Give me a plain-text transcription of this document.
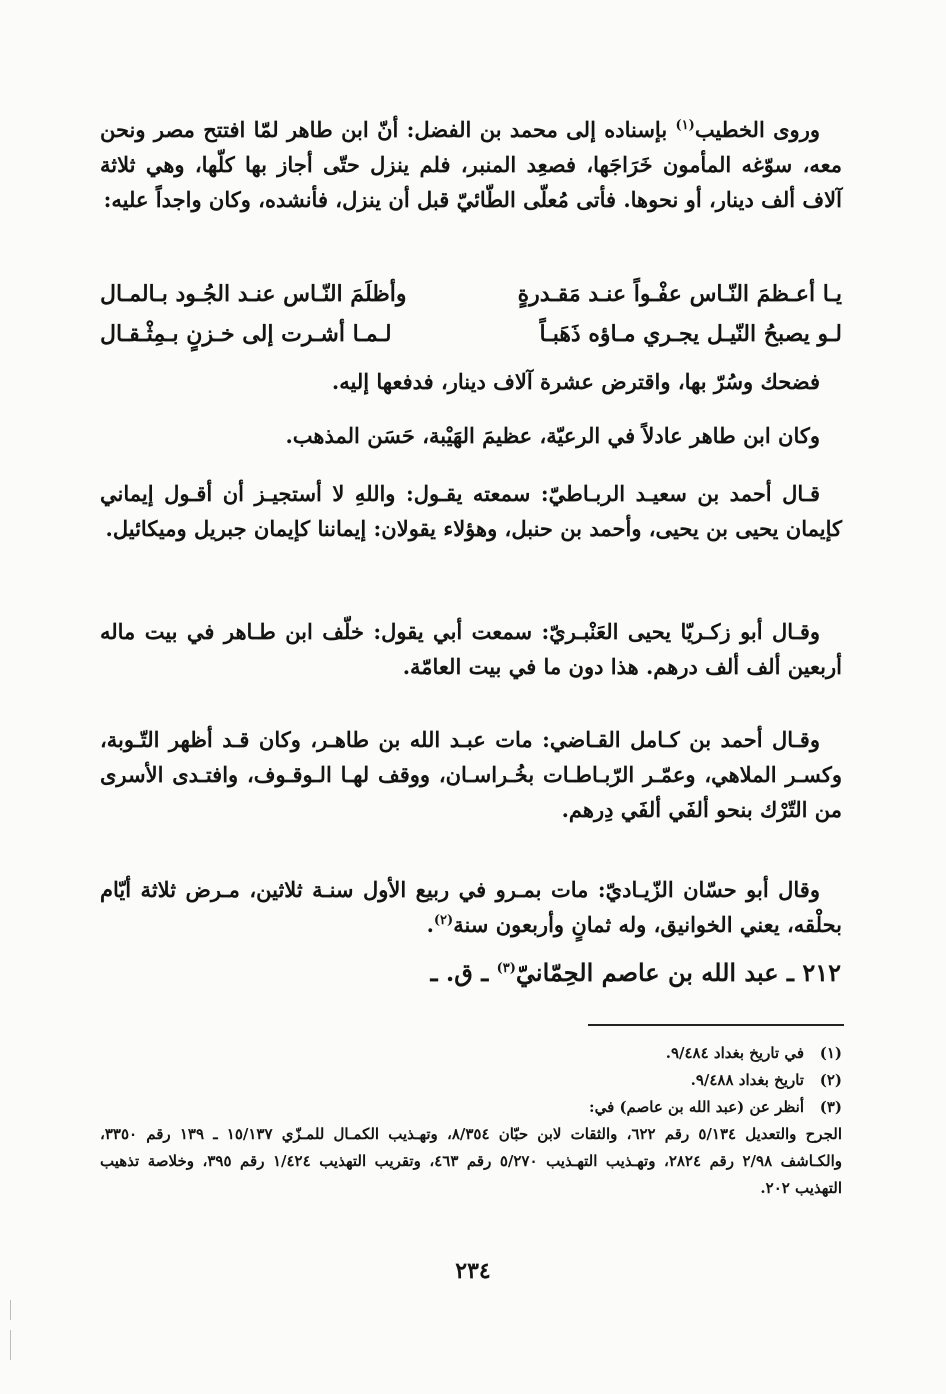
وروى الخطيب$^{(١)}$ بإسناده إلى محمد بن الفضل: أنّ ابن طاهر لمّا افتتح مصر ونحن معه، سوّغه المأمون خَرَاجَها، فصعِد المنبر، فلم ينزل حتّى أجاز بها كلّها، وهي ثلاثة آلاف ألف دينار، أو نحوها. فأتى مُعلّى الطّائيّ قبل أن ينزل، فأنشده، وكان واجداً عليه:

يـا أعـظمَ النّـاس عفْـواً عنـد مَقـدرةٍ
وأظلَمَ النّـاس عنـد الجُـود بـالمـال
لـو يصبحُ النّيـل يجـري مـاؤه ذَهَبـاً
لـمـا أشـرت إلى خـزنٍ بـمِثْـقـال

فضحك وسُرّ بها، واقترض عشرة آلاف دينار، فدفعها إليه.

وكان ابن طاهر عادلاً في الرعيّة، عظيمَ الهَيْبة، حَسَن المذهب.

قـال أحمد بن سعيـد الربـاطيّ: سمعته يقـول: واللهِ لا أستجيـز أن أقـول إيماني كإيمان يحيى بن يحيى، وأحمد بن حنبل، وهؤلاء يقولان: إيماننا كإيمان جبريل وميكائيل.

وقـال أبو زكـريّا يحيى العَنْبـريّ: سمعت أبي يقول: خلّف ابن طـاهر في بيت ماله أربعين ألف ألف درهم. هذا دون ما في بيت العامّة.

وقـال أحمد بن كـامل القـاضي: مات عبـد الله بن طاهـر، وكان قـد أظهر التّـوبة، وكسـر الملاهي، وعمّـر الرّبـاطـات بخُـراسـان، ووقف لهـا الـوقـوف، وافتـدى الأسرى من التّرْك بنحو ألفَي ألفَي دِرهم.

وقال أبو حسّان الزّيـاديّ: مات بمـرو في ربيع الأول سنـة ثلاثين، مـرض ثلاثة أيّام بحلْقه، يعني الخوانيق، وله ثمانٍ وأربعون سنة$^{(٢)}$.

٢١٢ ـ عبد الله بن عاصم الحِمّانيّ$^{(٣)}$ ـ ق. ـ
(١)
في تاريخ بغداد ٩/٤٨٤.
(٢)
تاريخ بغداد ٩/٤٨٨.
(٣)
أنظر عن (عبد الله بن عاصم) في:
الجرح والتعديل ٥/١٣٤ رقم ٦٢٢، والثقات لابن حبّان ٨/٣٥٤، وتهـذيب الكمـال للمـزّي ١٥/١٣٧ ـ ١٣٩ رقم ٣٣٥٠، والكـاشف ٢/٩٨ رقم ٢٨٢٤، وتهـذيب التهـذيب ٥/٢٧٠ رقم ٤٦٣، وتقريب التهذيب ١/٤٢٤ رقم ٣٩٥، وخلاصة تذهيب التهذيب ٢٠٢.
٢٣٤
